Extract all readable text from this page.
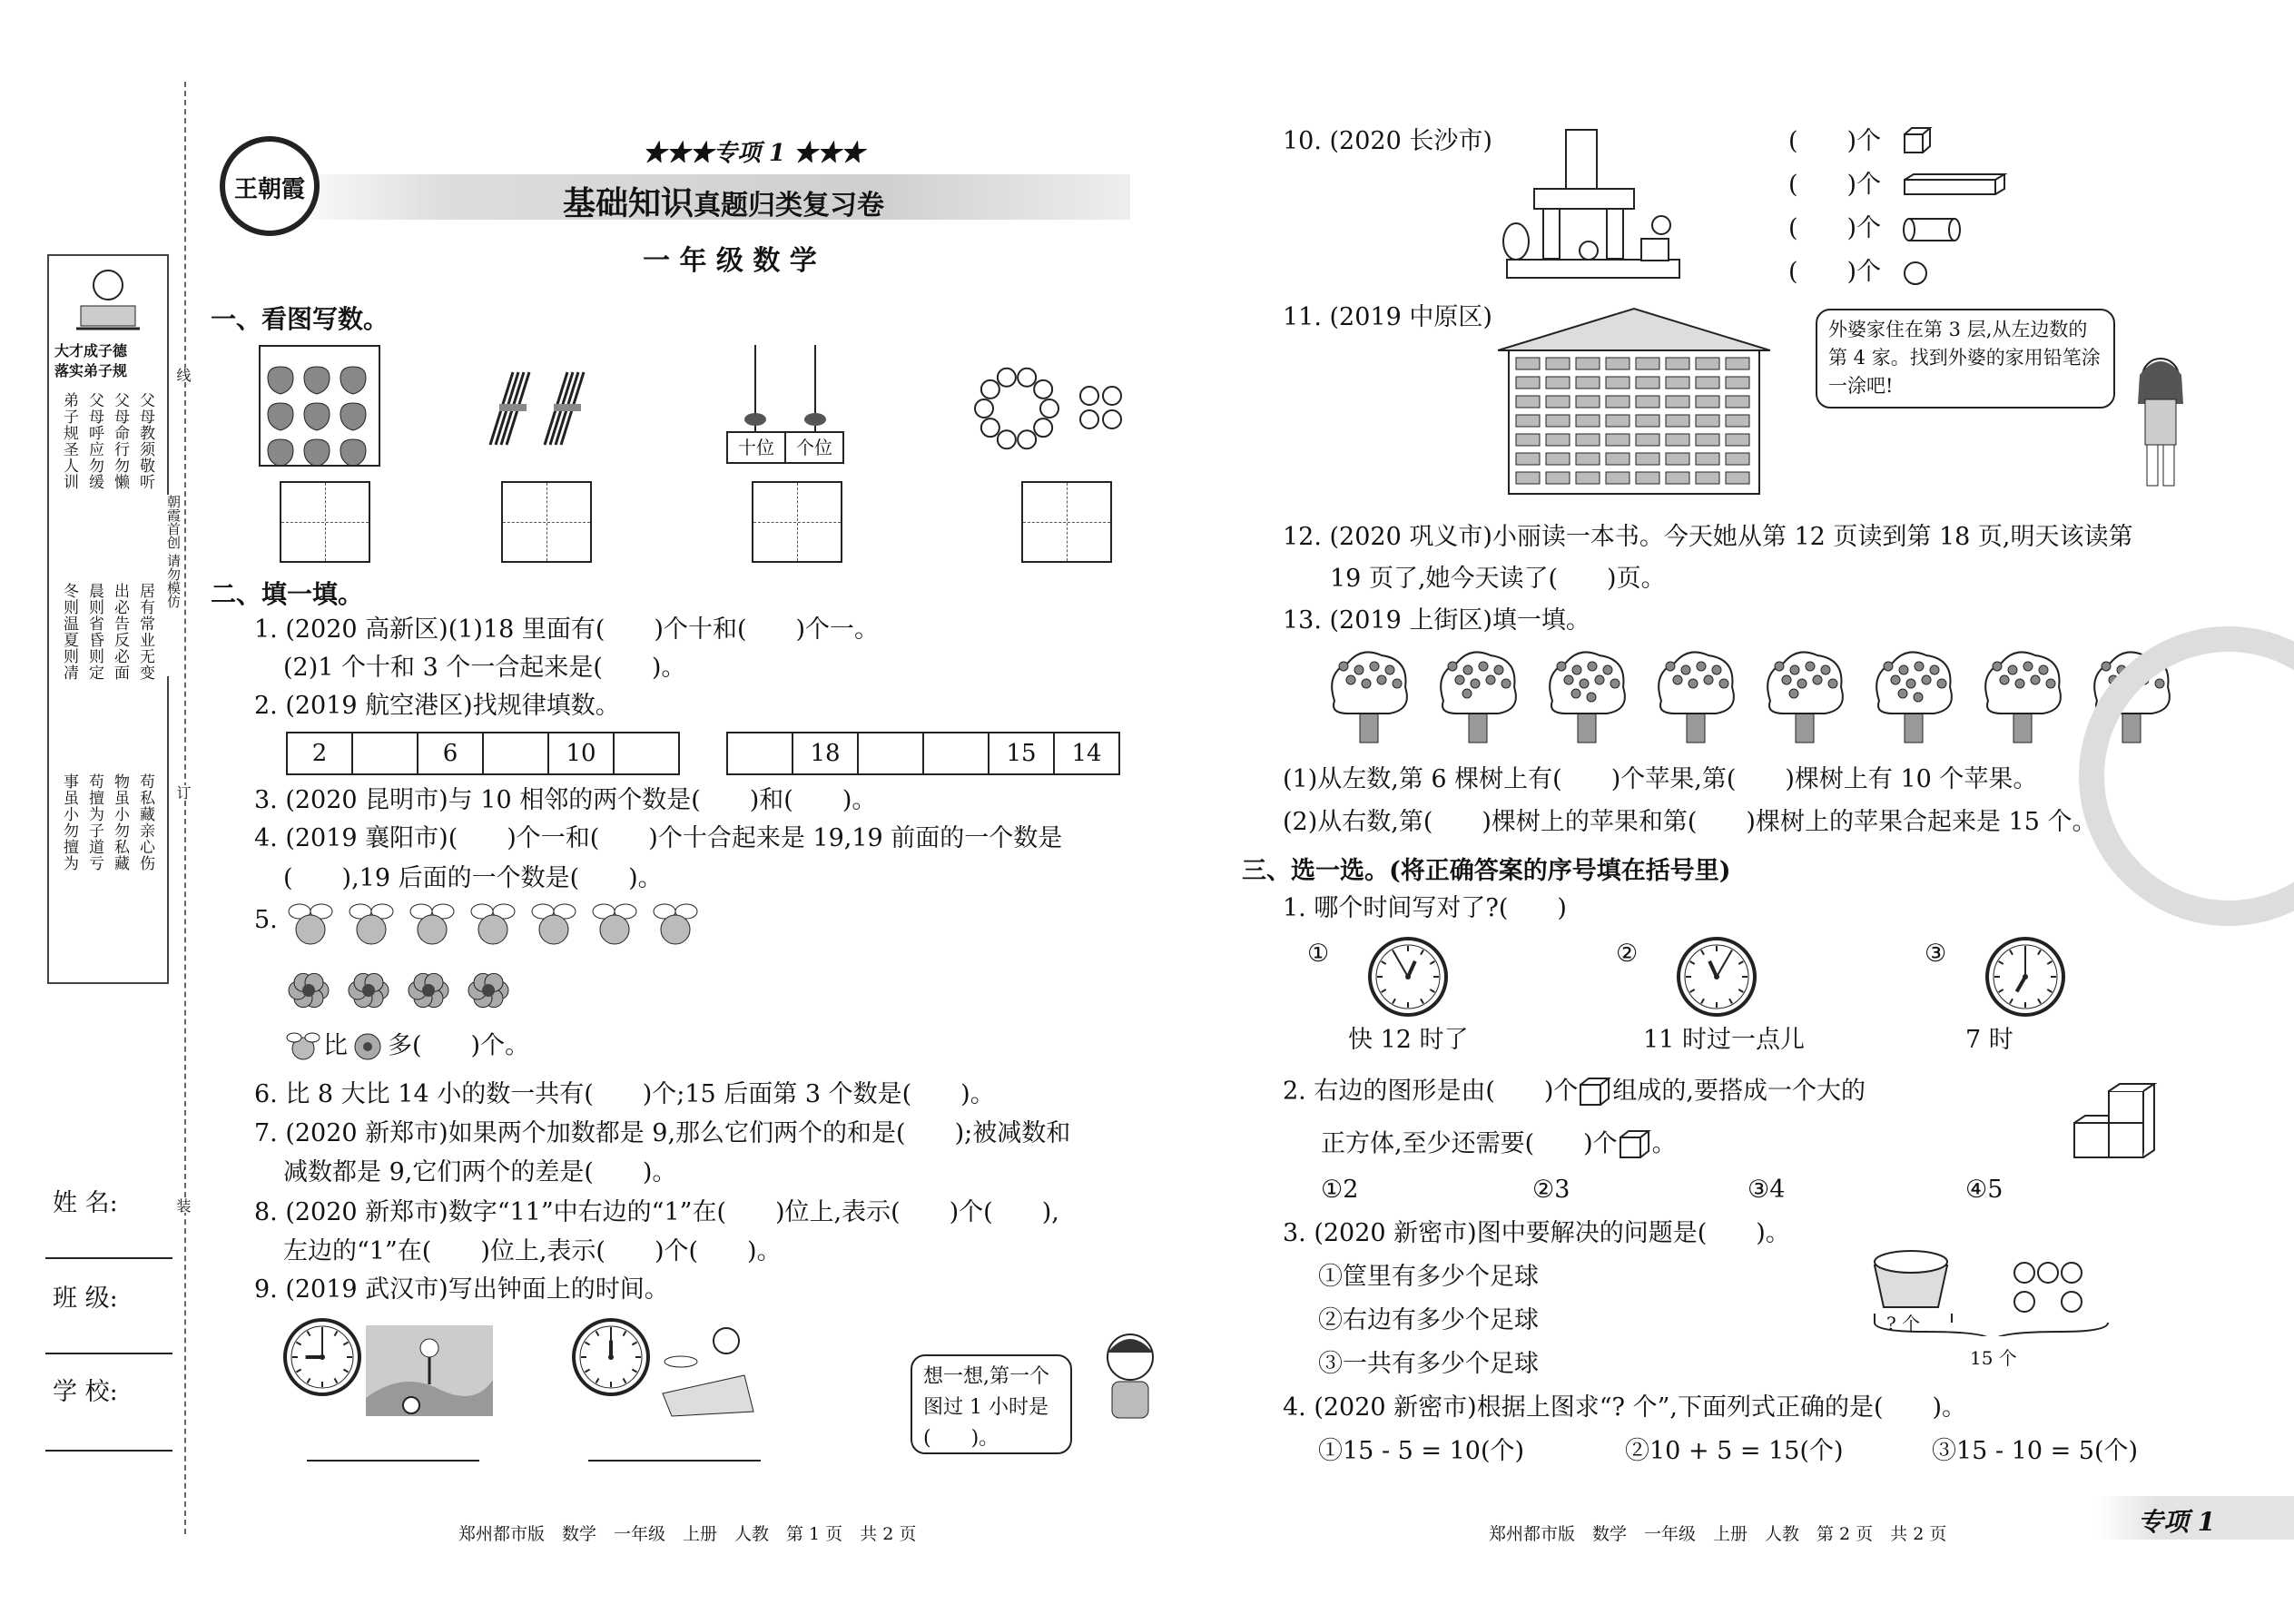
大才成子德
落实弟子规
弟子规圣人训 父母呼应勿缓 父母命行勿懒 父母教须敬听
冬则温夏则凊 晨则省昏则定 出必告反必面 居有常业无变
事虽小勿擅为 苟擅为子道亏 物虽小勿私藏 苟私藏亲心伤
线
朝霞首创 请勿模仿
订
装
姓 名:
班 级:
学 校:
王朝霞
★★★专项 1 ★★★
基础知识真题归类复习卷
一 年 级 数 学
一、看图写数。
十位	个位
二、填一填。
1. (2020 高新区)(1)18 里面有(　　)个十和(　　)个一。
(2)1 个十和 3 个一合起来是(　　)。
2. (2019 航空港区)找规律填数。
2	6	10	18	15	14
3. (2020 昆明市)与 10 相邻的两个数是(　　)和(　　)。
4. (2019 襄阳市)(　　)个一和(　　)个十合起来是 19,19 前面的一个数是
(　　),19 后面的一个数是(　　)。
5.
比 多(　　)个。
6. 比 8 大比 14 小的数一共有(　　)个;15 后面第 3 个数是(　　)。
7. (2020 新郑市)如果两个加数都是 9,那么它们两个的和是(　　);被减数和
减数都是 9,它们两个的差是(　　)。
8. (2020 新郑市)数字“11”中右边的“1”在(　　)位上,表示(　　)个(　　),
左边的“1”在(　　)位上,表示(　　)个(　　)。
9. (2019 武汉市)写出钟面上的时间。
想一想,第一个图过 1 小时是(　　)。
10. (2020 长沙市)	(　　)个
(　　)个
(　　)个
(　　)个
11. (2019 中原区)	外婆家住在第 3 层,从左边数的第 4 家。找到外婆的家用铅笔涂一涂吧!
12. (2020 巩义市)小丽读一本书。今天她从第 12 页读到第 18 页,明天该读第
19 页了,她今天读了(　　)页。
13. (2019 上街区)填一填。
(1)从左数,第 6 棵树上有(　　)个苹果,第(　　)棵树上有 10 个苹果。
(2)从右数,第(　　)棵树上的苹果和第(　　)棵树上的苹果合起来是 15 个。
三、选一选。(将正确答案的序号填在括号里)
1. 哪个时间写对了?(　　)
①
快 12 时了
②
11 时过一点儿
③
7 时
2. 右边的图形是由(　　)个 组成的,要搭成一个大的
正方体,至少还需要(　　)个 。
①2	②3	③4	④5
3. (2020 新密市)图中要解决的问题是(　　)。
①筐里有多少个足球
②右边有多少个足球
③一共有多少个足球
? 个
15 个
4. (2020 新密市)根据上图求“? 个”,下面列式正确的是(　　)。
①15 - 5 = 10(个)	②10 + 5 = 15(个)	③15 - 10 = 5(个)
郑州都市版　数学　一年级　上册　人教　第 1 页　共 2 页	郑州都市版　数学　一年级　上册　人教　第 2 页　共 2 页	专项 1
